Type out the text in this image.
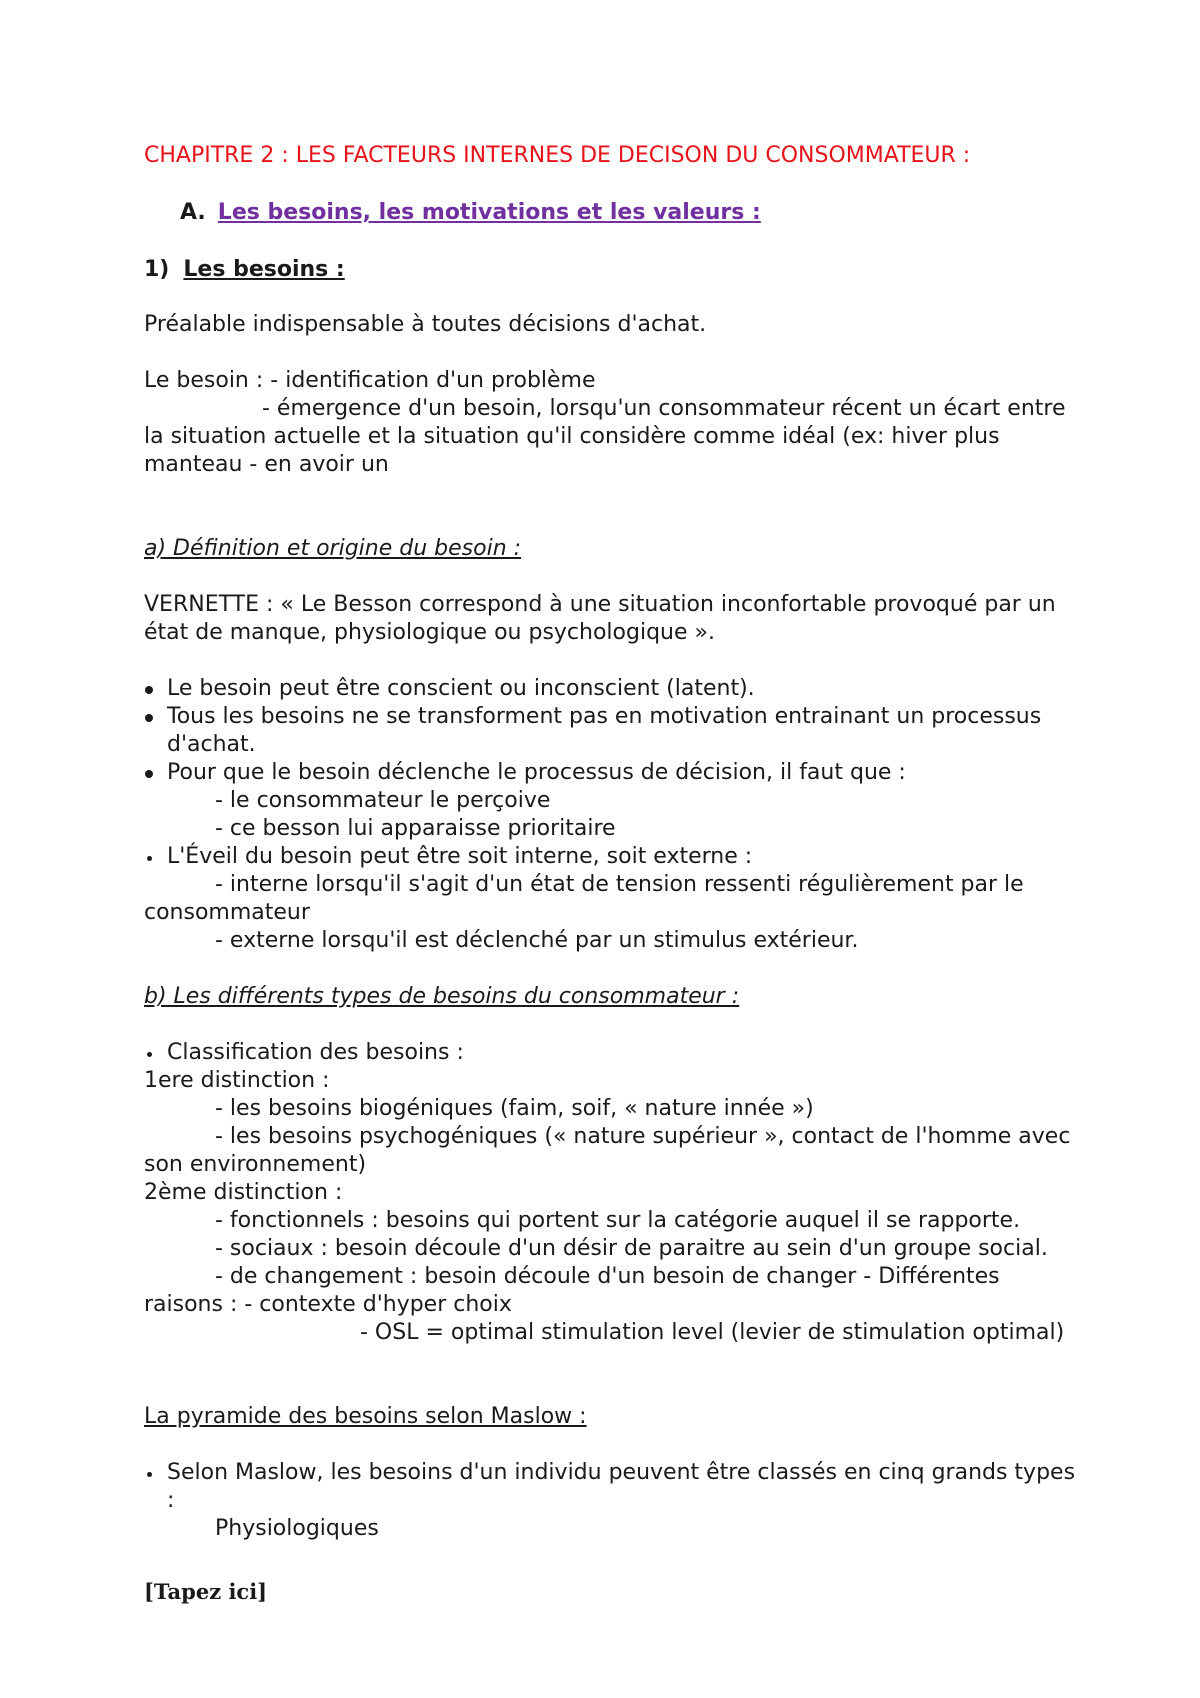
CHAPITRE 2 : LES FACTEURS INTERNES DE DECISON DU CONSOMMATEUR :
A. Les besoins, les motivations et les valeurs :
1) Les besoins :
Préalable indispensable à toutes décisions d'achat.
Le besoin : - identification d'un problème
- émergence d'un besoin, lorsqu'un consommateur récent un écart entre
la situation actuelle et la situation qu'il considère comme idéal (ex: hiver plus
manteau - en avoir un
a) Définition et origine du besoin :
VERNETTE : « Le Besson correspond à une situation inconfortable provoqué par un
état de manque, physiologique ou psychologique ».
Le besoin peut être conscient ou inconscient (latent).
Tous les besoins ne se transforment pas en motivation entrainant un processus
d'achat.
Pour que le besoin déclenche le processus de décision, il faut que :
- le consommateur le perçoive
- ce besson lui apparaisse prioritaire
L'Éveil du besoin peut être soit interne, soit externe :
- interne lorsqu'il s'agit d'un état de tension ressenti régulièrement par le
consommateur
- externe lorsqu'il est déclenché par un stimulus extérieur.
b) Les différents types de besoins du consommateur :
Classification des besoins :
1ere distinction :
- les besoins biogéniques (faim, soif, « nature innée »)
- les besoins psychogéniques (« nature supérieur », contact de l'homme avec
son environnement)
2ème distinction :
- fonctionnels : besoins qui portent sur la catégorie auquel il se rapporte.
- sociaux : besoin découle d'un désir de paraitre au sein d'un groupe social.
- de changement : besoin découle d'un besoin de changer - Différentes
raisons : - contexte d'hyper choix
- OSL = optimal stimulation level (levier de stimulation optimal)
La pyramide des besoins selon Maslow :
Selon Maslow, les besoins d'un individu peuvent être classés en cinq grands types
:
Physiologiques
[Tapez ici]
